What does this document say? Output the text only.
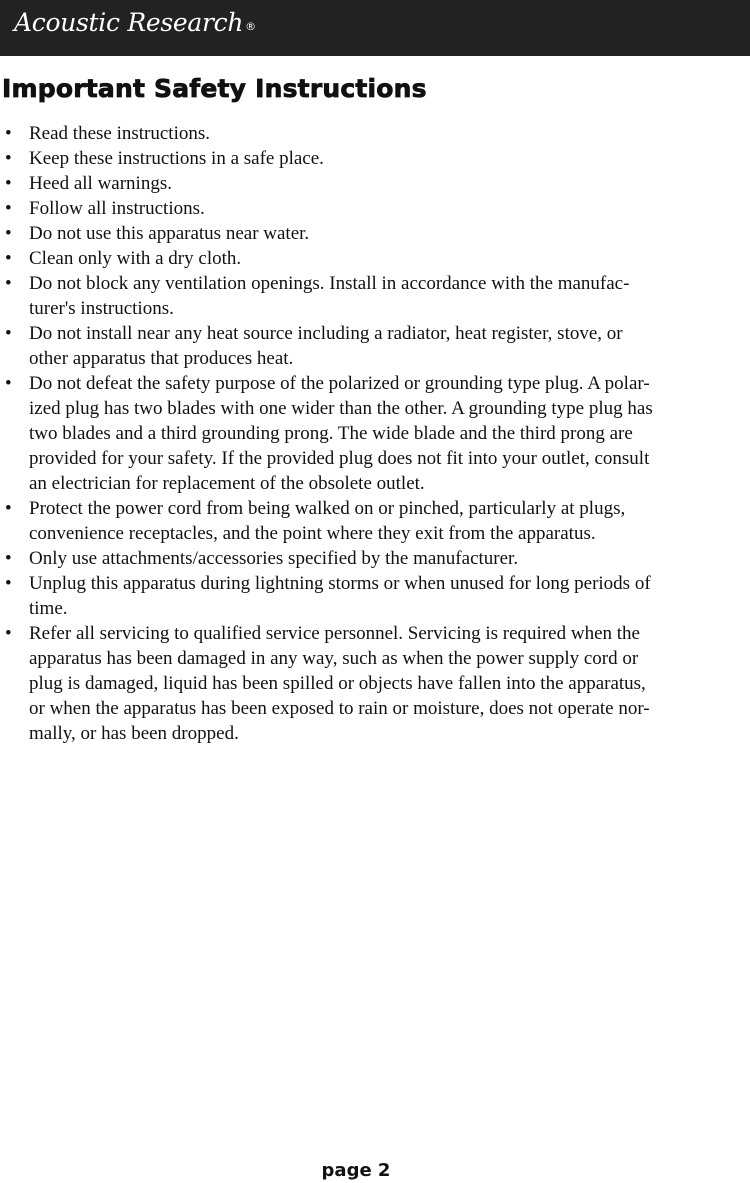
Acoustic Research ®
Important Safety Instructions
• Read these instructions.
• Keep these instructions in a safe place.
• Heed all warnings.
• Follow all instructions.
• Do not use this apparatus near water.
• Clean only with a dry cloth.
• Do not block any ventilation openings. Install in accordance with the manufac-
turer's instructions.
• Do not install near any heat source including a radiator, heat register, stove, or
other apparatus that produces heat.
• Do not defeat the safety purpose of the polarized or grounding type plug. A polar-
ized plug has two blades with one wider than the other. A grounding type plug has
two blades and a third grounding prong. The wide blade and the third prong are
provided for your safety. If the provided plug does not fit into your outlet, consult
an electrician for replacement of the obsolete outlet.
• Protect the power cord from being walked on or pinched, particularly at plugs,
convenience receptacles, and the point where they exit from the apparatus.
• Only use attachments/accessories specified by the manufacturer.
• Unplug this apparatus during lightning storms or when unused for long periods of
time.
• Refer all servicing to qualified service personnel. Servicing is required when the
apparatus has been damaged in any way, such as when the power supply cord or
plug is damaged, liquid has been spilled or objects have fallen into the apparatus,
or when the apparatus has been exposed to rain or moisture, does not operate nor-
mally, or has been dropped.
page 2
